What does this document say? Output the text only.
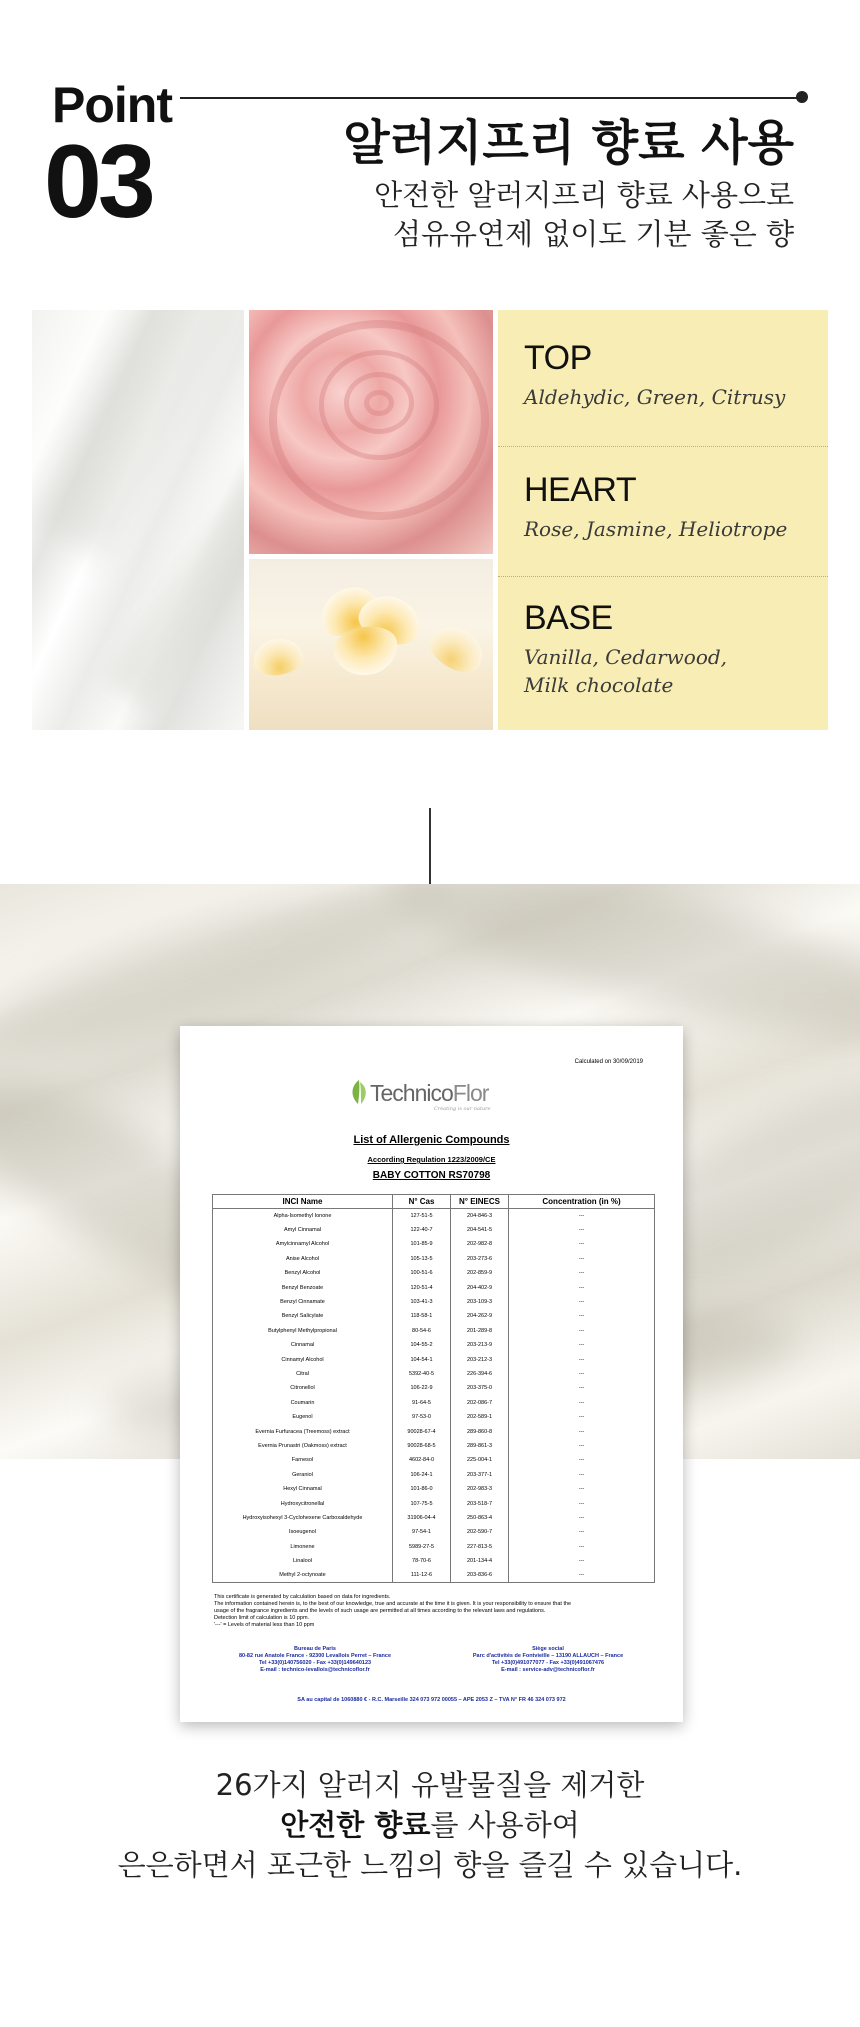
Point
03	알러지프리 향료 사용
안전한 알러지프리 향료 사용으로
섬유유연제 없이도 기분 좋은 향
TOP
Aldehydic, Green, Citrusy
HEART
Rose, Jasmine, Heliotrope
BASE
Vanilla, Cedarwood,
Milk chocolate
Calculated on 30/09/2019
TechnicoFlor
Creating is our nature
List of Allergenic Compounds
According Regulation 1223/2009/CE
BABY COTTON RS70798
INCI Name	N° Cas	N° EINECS	Concentration (in %)
Alpha-Isomethyl Ionone	127-51-5	204-846-3	---
Amyl Cinnamal	122-40-7	204-541-5	---
Amylcinnamyl Alcohol	101-85-9	202-982-8	---
Anise Alcohol	105-13-5	203-273-6	---
Benzyl Alcohol	100-51-6	202-859-9	---
Benzyl Benzoate	120-51-4	204-402-9	---
Benzyl Cinnamate	103-41-3	203-109-3	---
Benzyl Salicylate	118-58-1	204-262-9	---
Butylphenyl Methylpropional	80-54-6	201-289-8	---
Cinnamal	104-55-2	203-213-9	---
Cinnamyl Alcohol	104-54-1	203-212-3	---
Citral	5392-40-5	226-394-6	---
Citronellol	106-22-9	203-375-0	---
Coumarin	91-64-5	202-086-7	---
Eugenol	97-53-0	202-589-1	---
Evernia Furfuracea (Treemoss) extract	90028-67-4	289-860-8	---
Evernia Prunastri (Oakmoss) extract	90028-68-5	289-861-3	---
Farnesol	4602-84-0	225-004-1	---
Geraniol	106-24-1	203-377-1	---
Hexyl Cinnamal	101-86-0	202-983-3	---
Hydroxycitronellal	107-75-5	203-518-7	---
Hydroxyisohexyl 3-Cyclohexene Carboxaldehyde	31906-04-4	250-863-4	---
Isoeugenol	97-54-1	202-590-7	---
Limonene	5989-27-5	227-813-5	---
Linalool	78-70-6	201-134-4	---
Methyl 2-octynoate	111-12-6	203-836-6	---
This certificate is generated by calculation based on data for ingredients.
The information contained herein is, to the best of our knowledge, true and accurate at the time it is given. It is your responsibility to ensure that the
usage of the fragrance ingredients and the levels of such usage are permitted at all times according to the relevant laws and regulations.
Detection limit of calculation is 10 ppm.
'---' = Levels of material less than 10 ppm
Bureau de Paris
80-82 rue Anatole France - 92300 Levallois Perret – France
Tel +33(0)140756020 - Fax +33(0)149640123
E-mail : technico-levallois@technicoflor.fr
Siège social
Parc d'activités de Fontvieille – 13190 ALLAUCH – France
Tel +33(0)491077077 - Fax +33(0)491067476
E-mail : service-adv@technicoflor.fr
SA au capital de 1060880 € - R.C. Marseille 324 073 972 00055 – APE 2053 Z – TVA N° FR 46 324 073 972
26가지 알러지 유발물질을 제거한
안전한 향료를 사용하여
은은하면서 포근한 느낌의 향을 즐길 수 있습니다.
